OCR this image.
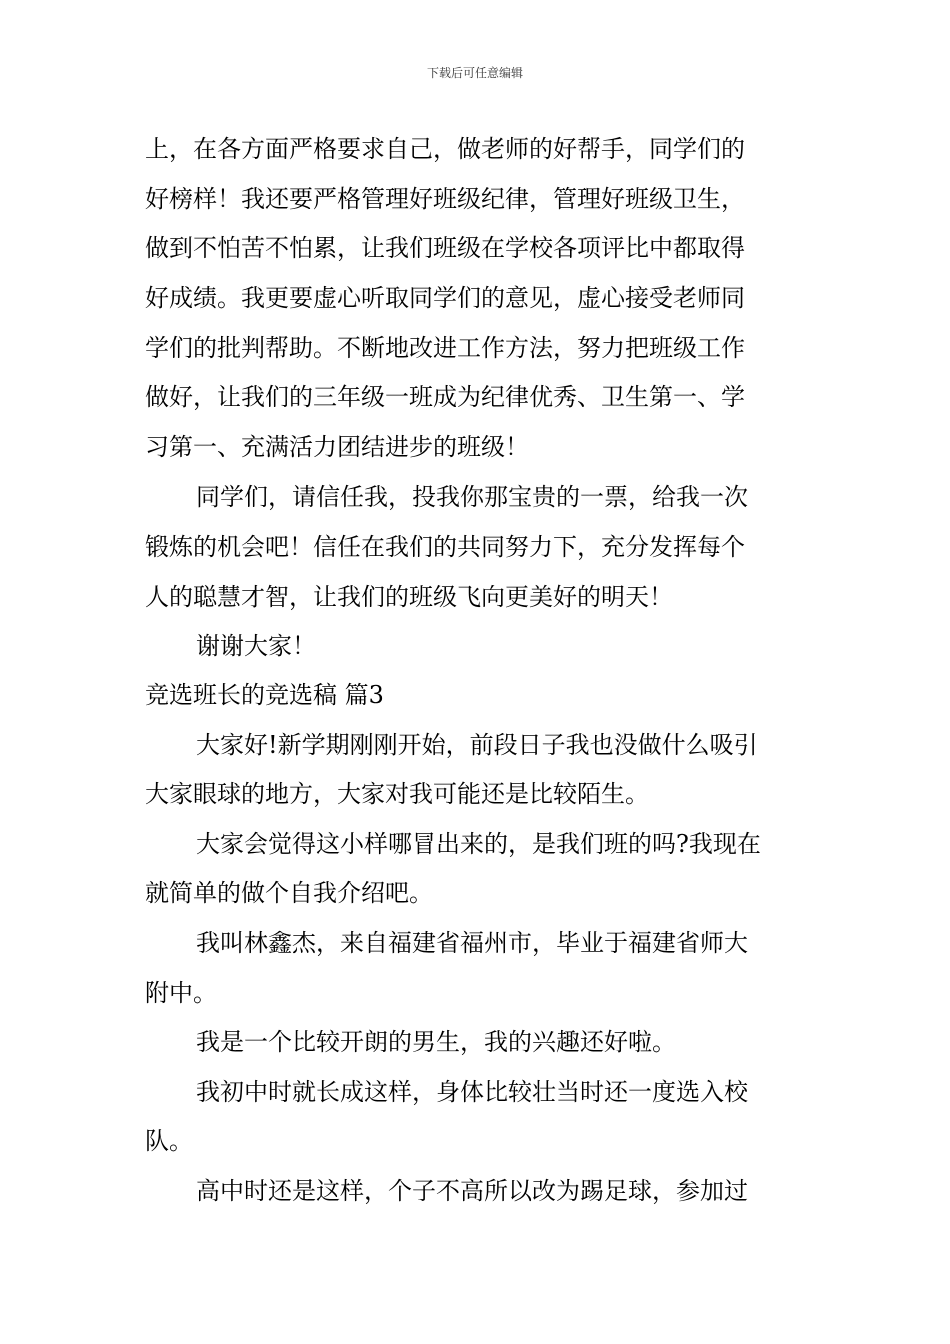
下载后可任意编辑
上，在各方面严格要求自己，做老师的好帮手，同学们的
好榜样！我还要严格管理好班级纪律，管理好班级卫生，
做到不怕苦不怕累，让我们班级在学校各项评比中都取得
好成绩。我更要虚心听取同学们的意见，虚心接受老师同
学们的批判帮助。不断地改进工作方法，努力把班级工作
做好，让我们的三年级一班成为纪律优秀、卫生第一、学
习第一、充满活力团结进步的班级！
同学们，请信任我，投我你那宝贵的一票，给我一次
锻炼的机会吧！信任在我们的共同努力下，充分发挥每个
人的聪慧才智，让我们的班级飞向更美好的明天！
谢谢大家！
竞选班长的竞选稿 篇3
大家好!新学期刚刚开始，前段日子我也没做什么吸引
大家眼球的地方，大家对我可能还是比较陌生。
大家会觉得这小样哪冒出来的，是我们班的吗?我现在
就简单的做个自我介绍吧。
我叫林鑫杰，来自福建省福州市，毕业于福建省师大
附中。
我是一个比较开朗的男生，我的兴趣还好啦。
我初中时就长成这样，身体比较壮当时还一度选入校
队。
高中时还是这样，个子不高所以改为踢足球，参加过
